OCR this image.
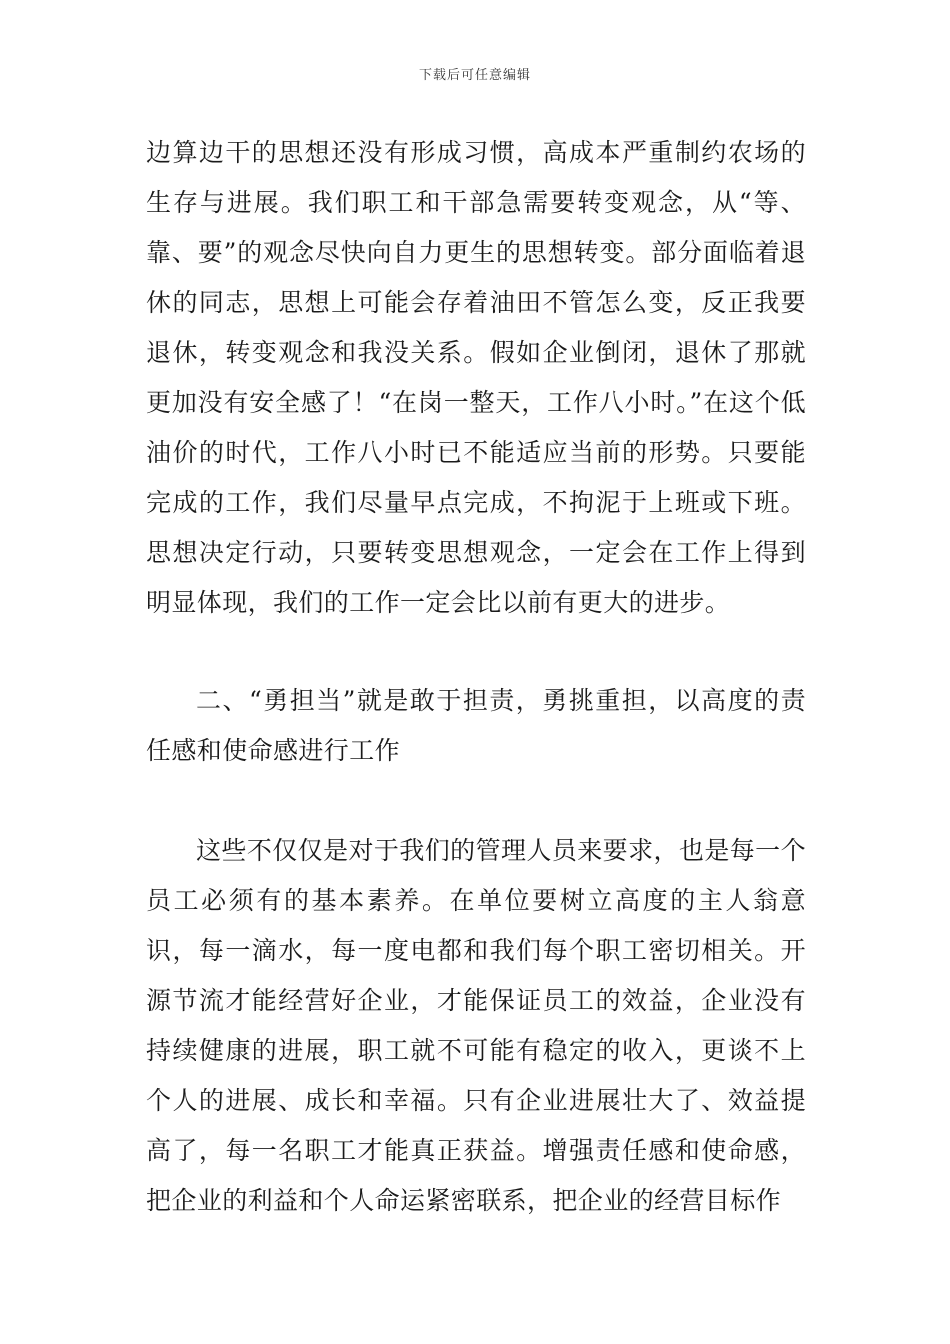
下载后可任意编辑

边算边干的思想还没有形成习惯，高成本严重制约农场的生存与进展。我们职工和干部急需要转变观念，从“等、靠、要”的观念尽快向自力更生的思想转变。部分面临着退休的同志，思想上可能会存着油田不管怎么变，反正我要退休，转变观念和我没关系。假如企业倒闭，退休了那就更加没有安全感了！“在岗一整天，工作八小时。”在这个低油价的时代，工作八小时已不能适应当前的形势。只要能完成的工作，我们尽量早点完成，不拘泥于上班或下班。思想决定行动，只要转变思想观念，一定会在工作上得到明显体现，我们的工作一定会比以前有更大的进步。

二、“勇担当”就是敢于担责，勇挑重担，以高度的责任感和使命感进行工作

这些不仅仅是对于我们的管理人员来要求，也是每一个员工必须有的基本素养。在单位要树立高度的主人翁意识，每一滴水，每一度电都和我们每个职工密切相关。开源节流才能经营好企业，才能保证员工的效益，企业没有持续健康的进展，职工就不可能有稳定的收入，更谈不上个人的进展、成长和幸福。只有企业进展壮大了、效益提高了，每一名职工才能真正获益。增强责任感和使命感，把企业的利益和个人命运紧密联系，把企业的经营目标作
